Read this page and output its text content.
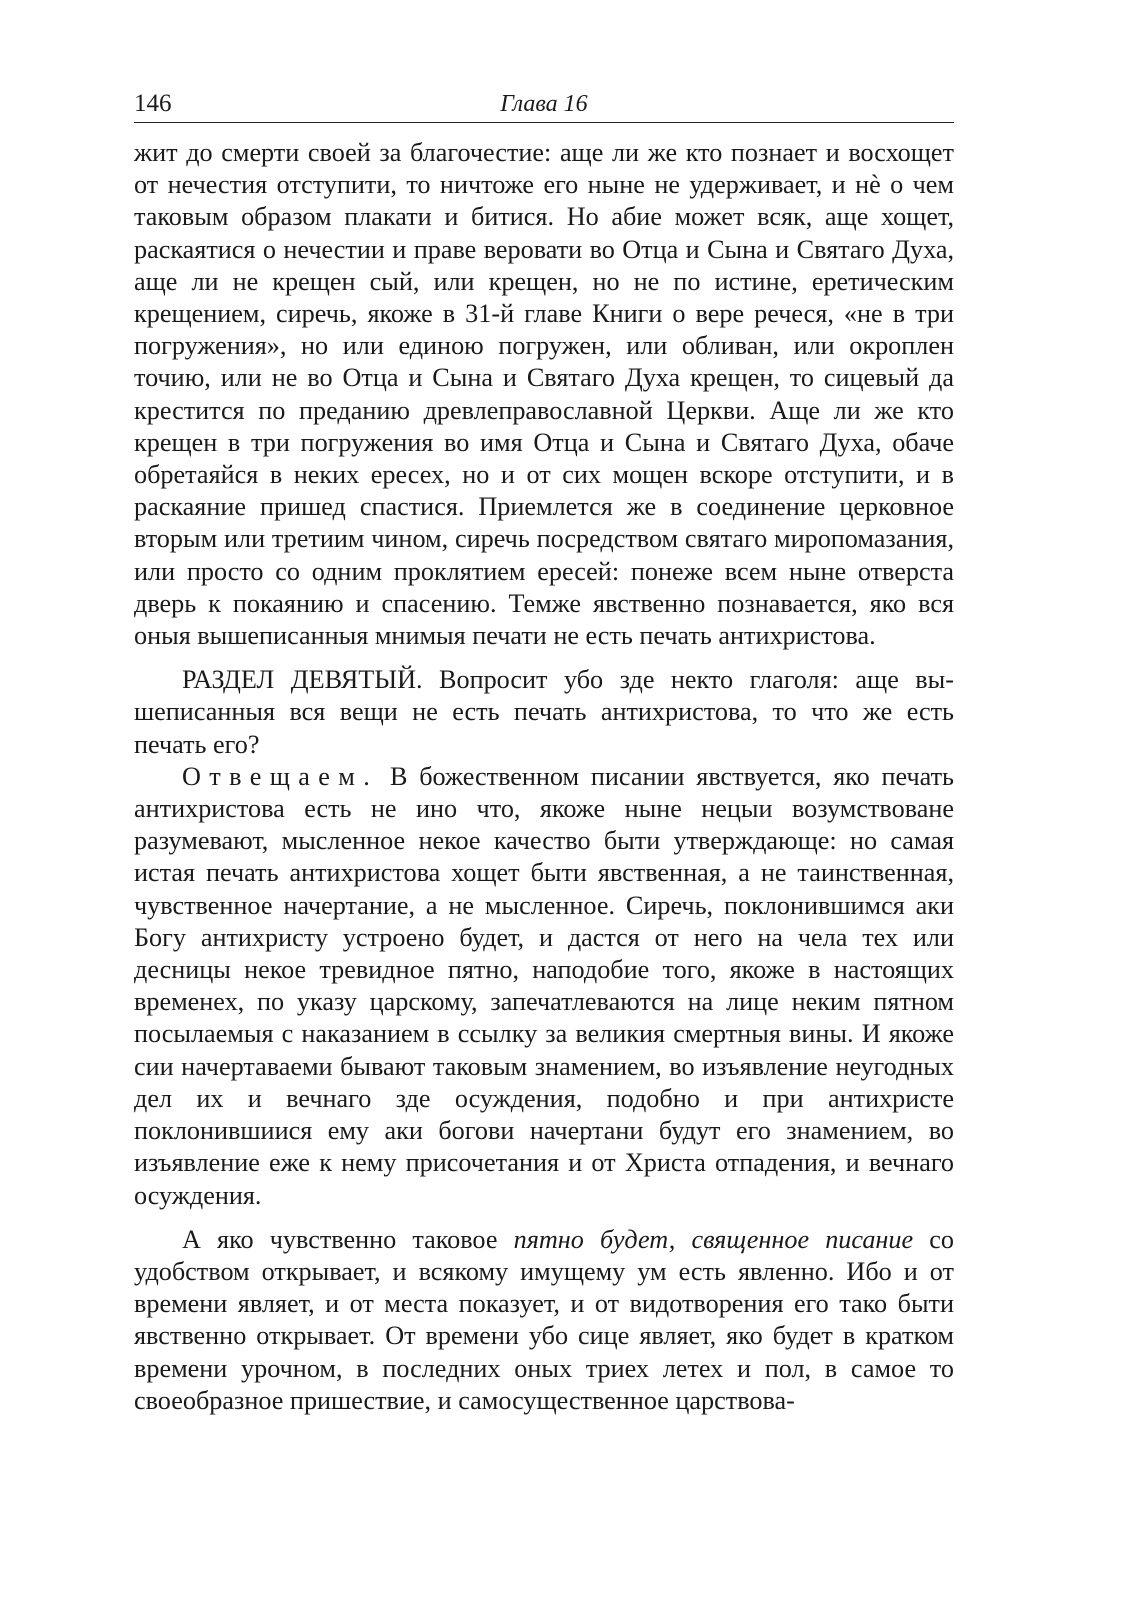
146	Глава 16

жит до смерти своей за благочестие: аще ли же кто познает и восхощет от нечестия отступити, то ничтоже его ныне не удерживает, и нѐ о чем таковым образом плакати и битися. Но абие может всяк, аще хощет, раскаятися о нечестии и праве веровати во Отца и Сына и Святаго Духа, аще ли не крещен сый, или крещен, но не по истине, еретическим крещением, сиречь, якоже в 31-й главе Книги о вере речеся, «не в три погружения», но или единою погружен, или обливан, или окроплен точию, или не во Отца и Сына и Святаго Духа крещен, то сицевый да крестится по преданию древлеправославной Церкви. Аще ли же кто крещен в три погружения во имя Отца и Сына и Святаго Духа, обаче обретаяйся в неких ересех, но и от сих мощен вскоре отступити, и в раскаяние пришед спастися. Приемлется же в соединение церковное вторым или третиим чином, сиречь посредством святаго миропомазания, или просто со одним проклятием ересей: понеже всем ныне отверста дверь к покаянию и спасению. Темже явственно познавается, яко вся оныя вышеписанныя мнимыя печати не есть печать антихристова.

РАЗДЕЛ ДЕВЯТЫЙ. Вопросит убо зде некто глаголя: аще вышеписанныя вся вещи не есть печать антихристова, то что же есть печать его?

Отвещаем. В божественном писании явствуется, яко печать антихристова есть не ино что, якоже ныне нецыи возумствоване разумевают, мысленное некое качество быти утверждающе: но самая истая печать антихристова хощет быти явственная, а не таинственная, чувственное начертание, а не мысленное. Сиречь, поклонившимся аки Богу антихристу устроено будет, и дастся от него на чела тех или десницы некое тревидное пятно, наподобие того, якоже в настоящих временех, по указу царскому, запечатлеваются на лице неким пятном посылаемыя с наказанием в ссылку за великия смертныя вины. И якоже сии начертаваеми бывают таковым знамением, во изъявление неугодных дел их и вечнаго зде осуждения, подобно и при антихристе поклонившиися ему аки богови начертани будут его знамением, во изъявление еже к нему присочетания и от Христа отпадения, и вечнаго осуждения.

А яко чувственно таковое пятно будет, священное писание со удобством открывает, и всякому имущему ум есть явленно. Ибо и от времени являет, и от места показует, и от видотворения его тако быти явственно открывает. От времени убо сице являет, яко будет в кратком времени урочном, в последних оных триех летех и пол, в самое то своеобразное пришествие, и самосущественное царствова-
